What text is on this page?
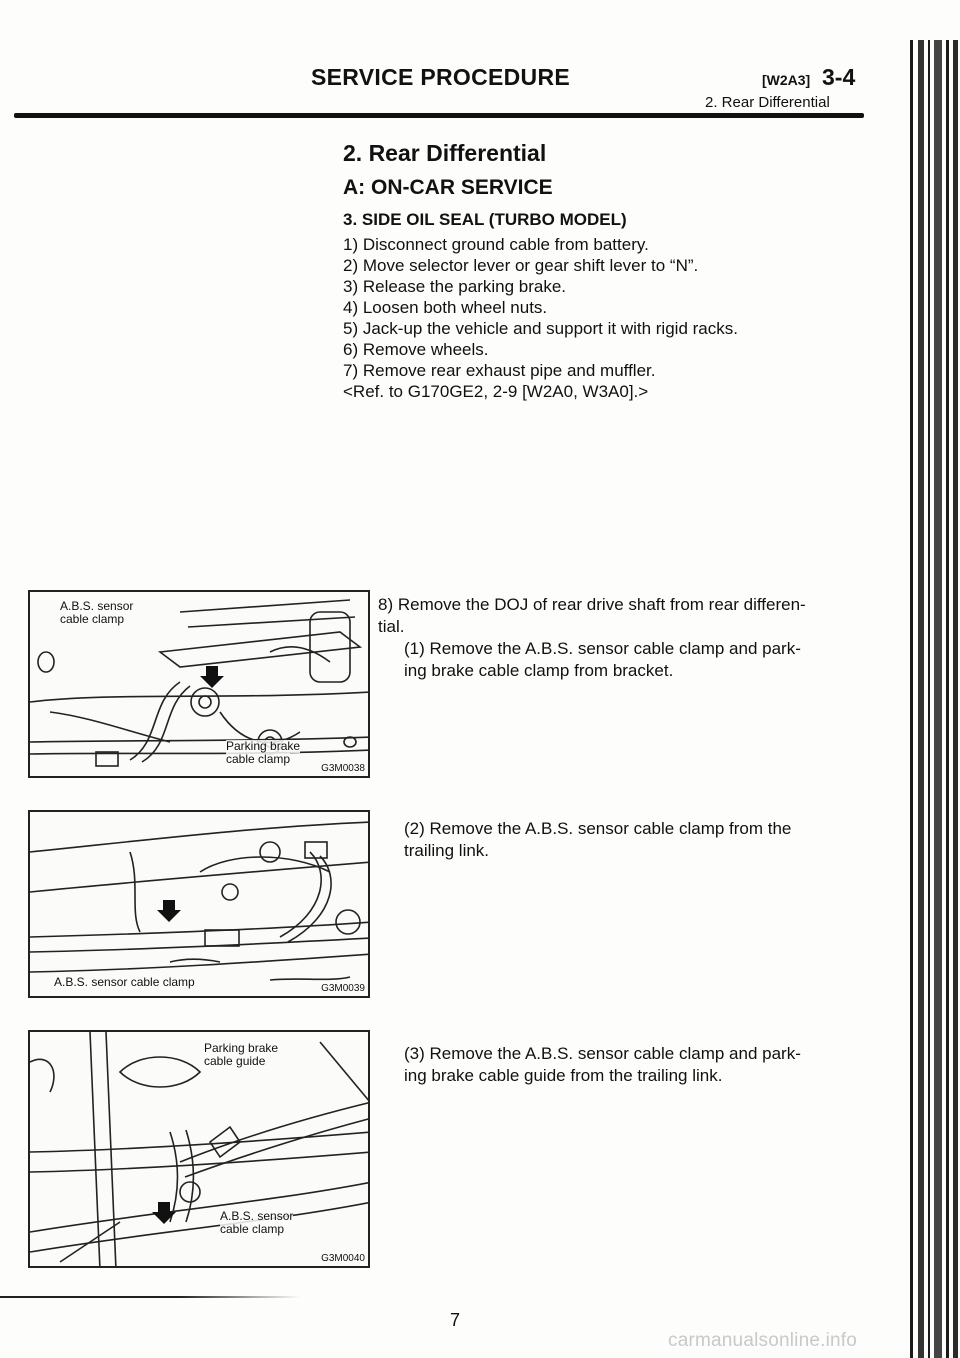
SERVICE PROCEDURE	[W2A3] 3-4
2. Rear Differential
2. Rear Differential
A: ON-CAR SERVICE
3. SIDE OIL SEAL (TURBO MODEL)
1) Disconnect ground cable from battery.
2) Move selector lever or gear shift lever to “N”.
3) Release the parking brake.
4) Loosen both wheel nuts.
5) Jack-up the vehicle and support it with rigid racks.
6) Remove wheels.
7) Remove rear exhaust pipe and muffler.
<Ref. to G170GE2, 2-9 [W2A0, W3A0].>
8) Remove the DOJ of rear drive shaft from rear differen-
tial.
(1) Remove the A.B.S. sensor cable clamp and park-
ing brake cable clamp from bracket.
(2) Remove the A.B.S. sensor cable clamp from the
trailing link.
(3) Remove the A.B.S. sensor cable clamp and park-
ing brake cable guide from the trailing link.
A.B.S. sensor
cable clamp
Parking brake
cable clamp
G3M0038
A.B.S. sensor cable clamp	G3M0039
Parking brake
cable guide
A.B.S. sensor
cable clamp
G3M0040
7
carmanualsonline.info
